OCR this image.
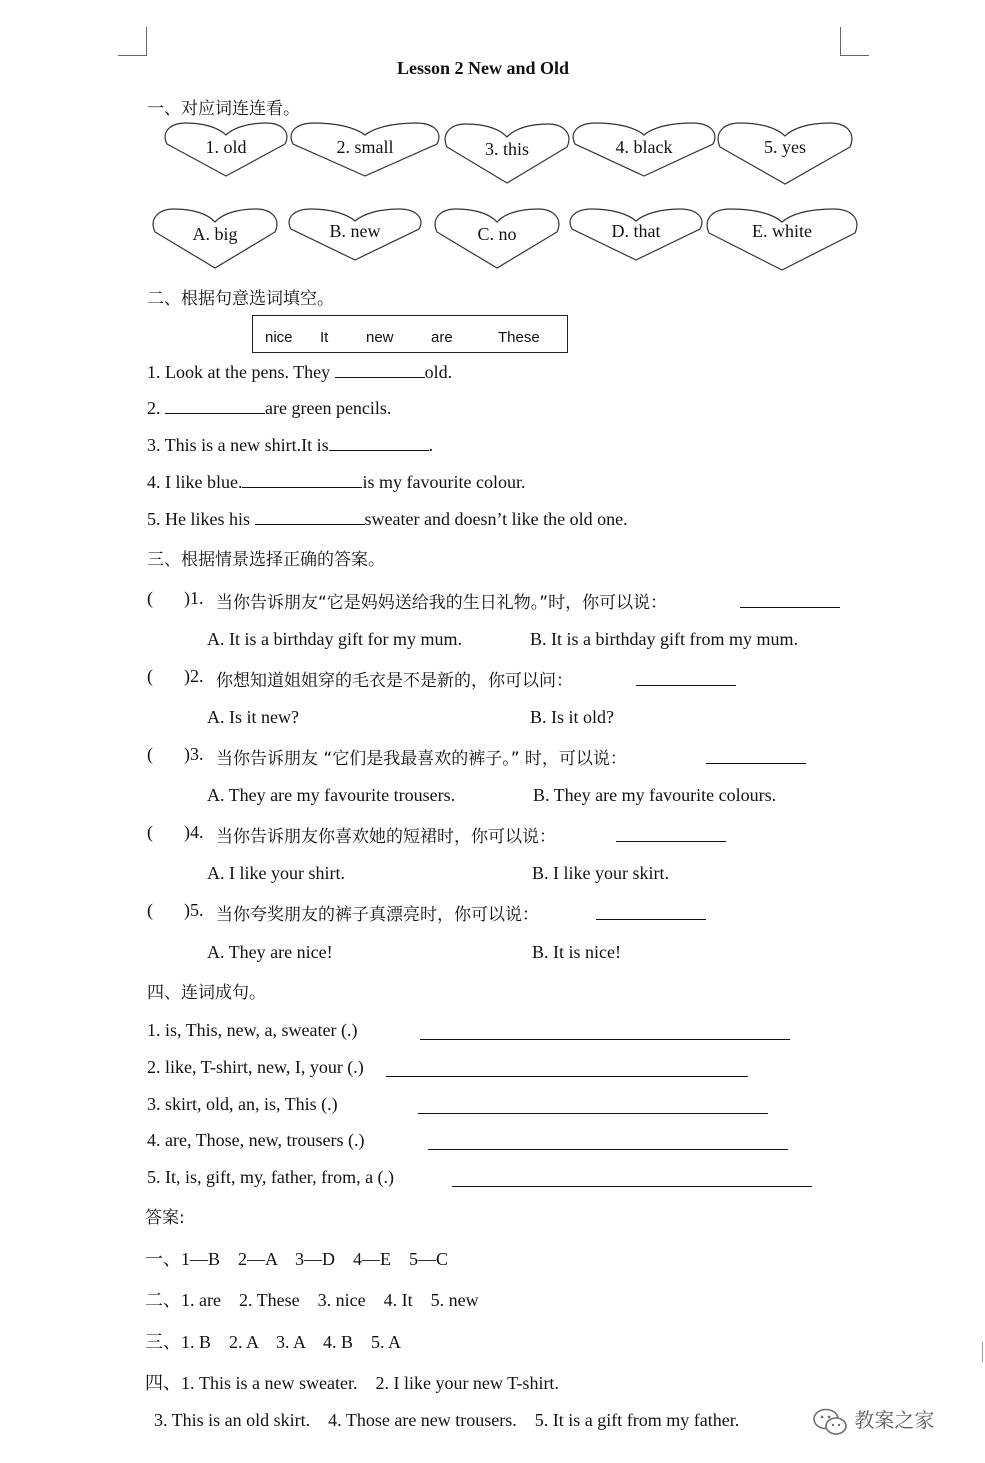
Lesson 2 New and Old
一、对应词连连看。
1. old	2. small	3. this	4. black	5. yes
A. big	B. new	C. no	D. that	E. white
二、根据句意选词填空。
nice It	new are	These
1. Look at the pens. They	old.
2.	are green pencils.
3. This is a new shirt.It is	.
4. I like blue.	is my favourite colour.
5. He likes his	sweater and doesn’t like the old one.
三、根据情景选择正确的答案。
( )1. 当你告诉朋友“它是妈妈送给我的生日礼物。”时，你可以说：
A. It is a birthday gift for my mum.	B. It is a birthday gift from my mum.
( )2. 你想知道姐姐穿的毛衣是不是新的，你可以问：
A. Is it new?	B. Is it old?
( )3. 当你告诉朋友 “它们是我最喜欢的裤子。” 时，可以说：
A. They are my favourite trousers.	B. They are my favourite colours.
( )4. 当你告诉朋友你喜欢她的短裙时，你可以说：
A. I like your shirt.	B. I like your skirt.
( )5. 当你夸奖朋友的裤子真漂亮时，你可以说：
A. They are nice!	B. It is nice!
四、连词成句。
1. is, This, new, a, sweater (.)
2. like, T-shirt, new, I, your (.)
3. skirt, old, an, is, This (.)
4. are, Those, new, trousers (.)
5. It, is, gift, my, father, from, a (.)
答案:
一、1—B    2—A    3—D    4—E    5—C
二、1. are    2. These    3. nice    4. It    5. new
三、1. B    2. A    3. A    4. B    5. A
四、1. This is a new sweater.    2. I like your new T-shirt.
3. This is an old skirt.    4. Those are new trousers.    5. It is a gift from my father.	教案之家
